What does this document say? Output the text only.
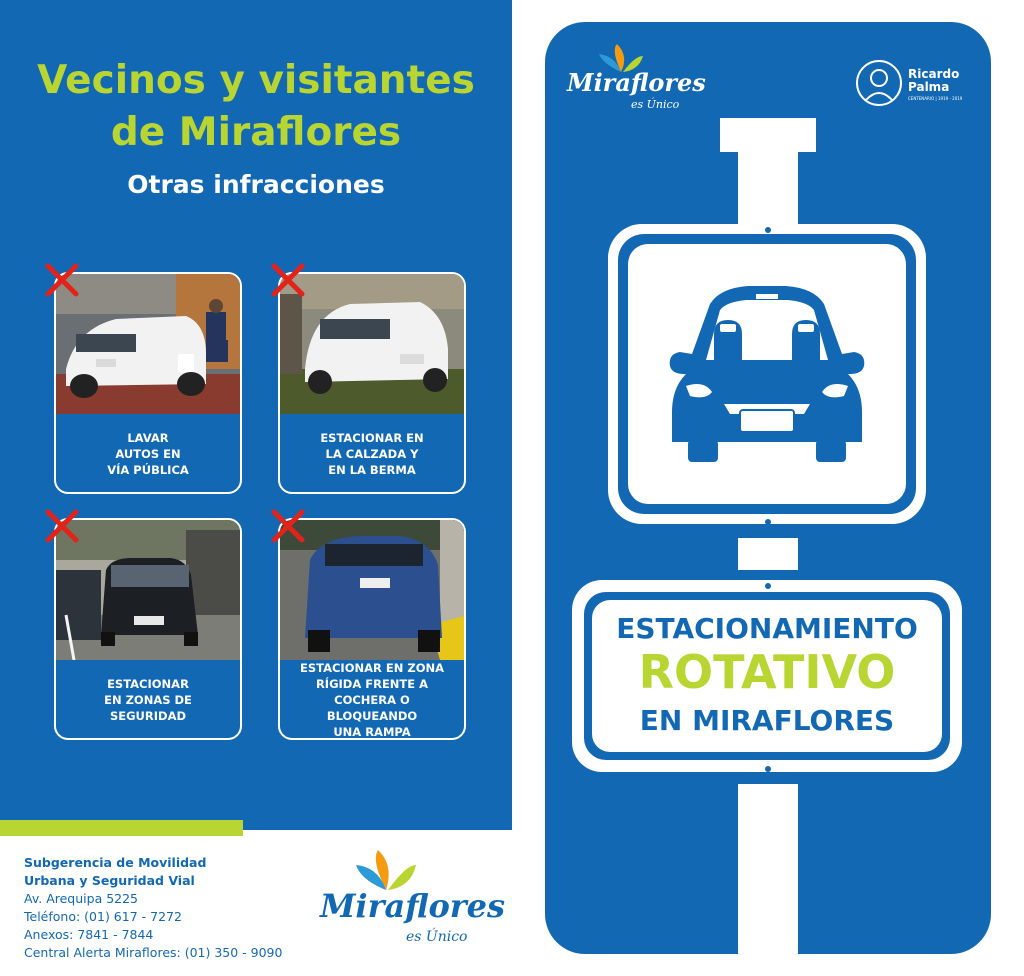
Vecinos y visitantes
de Miraflores
Otras infracciones
LAVAR
AUTOS EN
VÍA PÚBLICA
ESTACIONAR EN
LA CALZADA Y
EN LA BERMA
ESTACIONAR
EN ZONAS DE
SEGURIDAD
ESTACIONAR EN ZONA
RÍGIDA FRENTE A
COCHERA O BLOQUEANDO
UNA RAMPA
Subgerencia de Movilidad
Urbana y Seguridad Vial
Av. Arequipa 5225
Teléfono: (01) 617 - 7272
Anexos: 7841 - 7844
Central Alerta Miraflores: (01) 350 - 9090
Miraflores
es Único
Miraflores
es Único
Ricardo
Palma
CENTENARIO | 1919 - 2019
ESTACIONAMIENTO
ROTATIVO
EN MIRAFLORES
